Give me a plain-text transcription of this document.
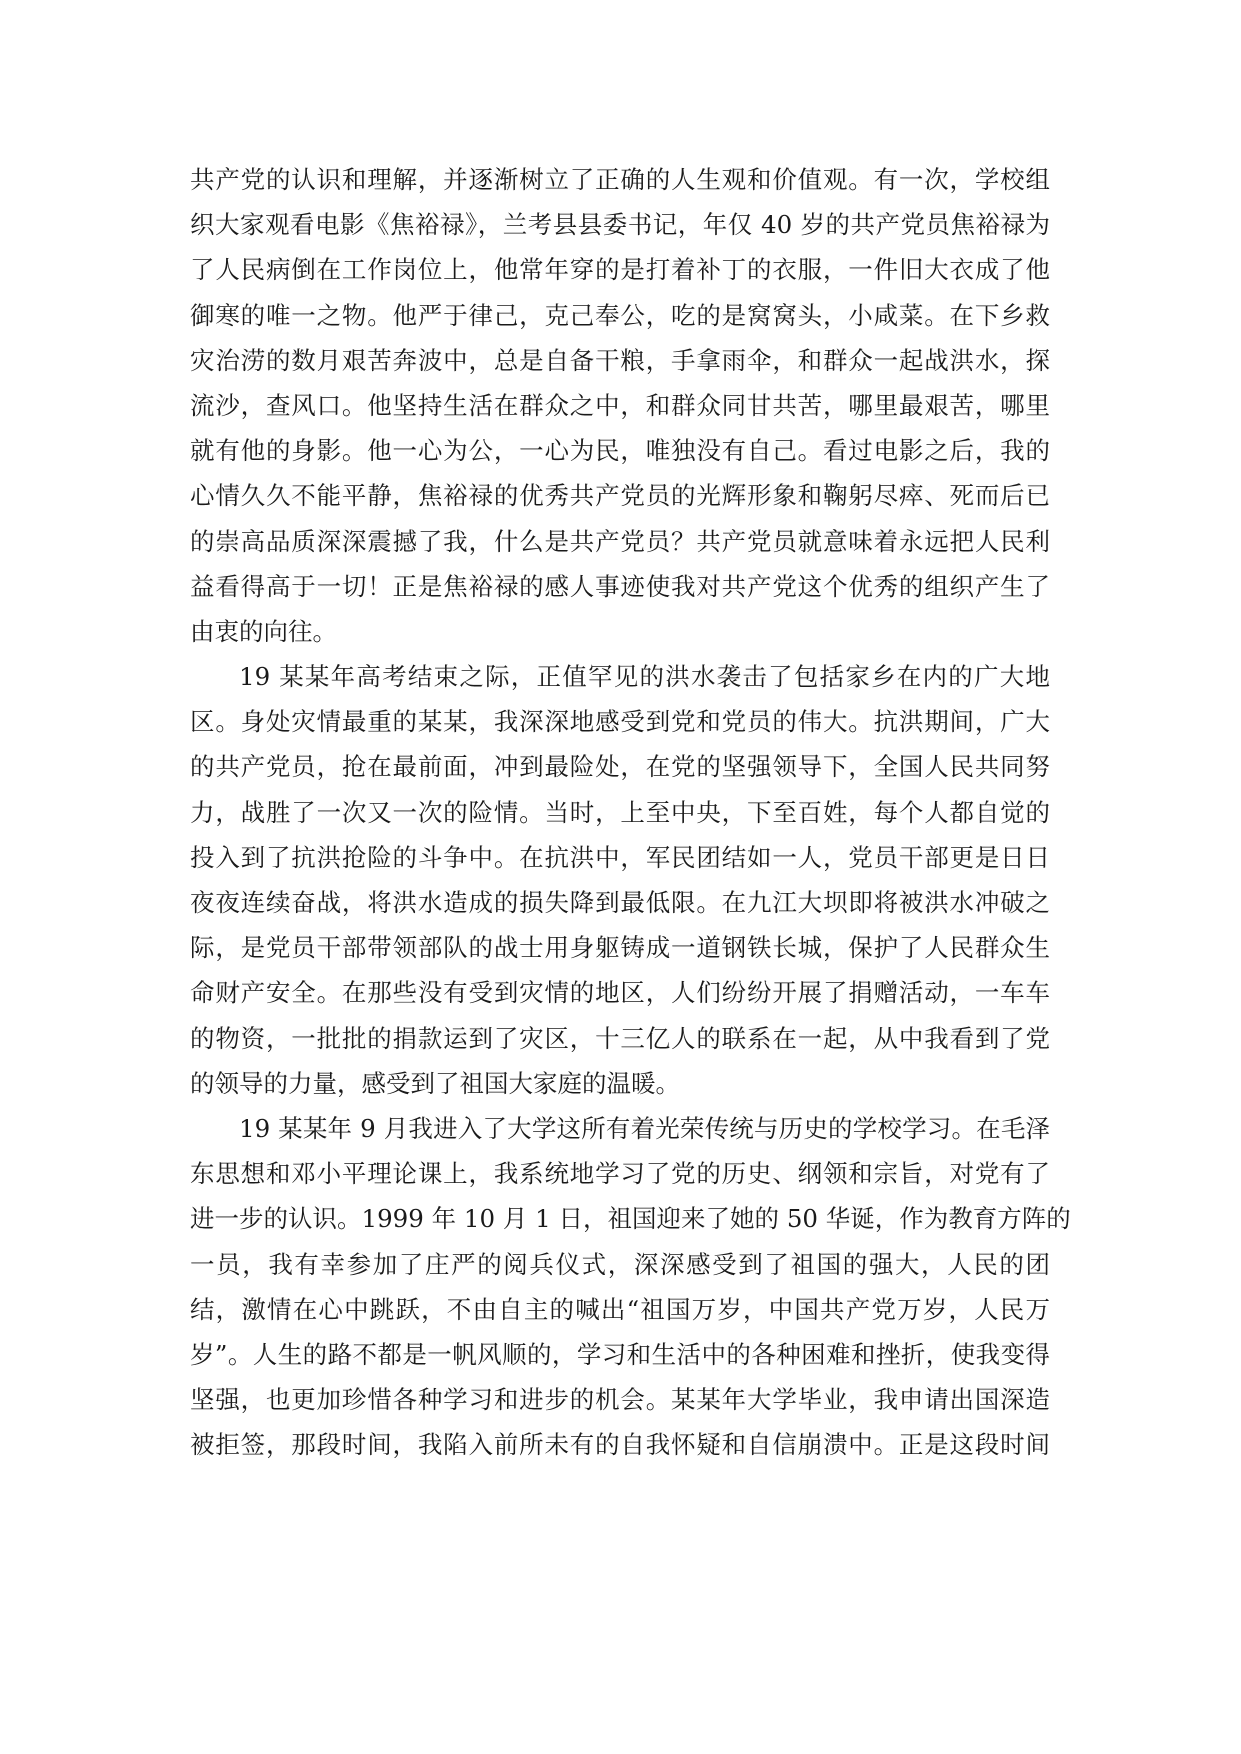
共产党的认识和理解，并逐渐树立了正确的人生观和价值观。有一次，学校组
织大家观看电影《焦裕禄》，兰考县县委书记，年仅 40 岁的共产党员焦裕禄为
了人民病倒在工作岗位上，他常年穿的是打着补丁的衣服，一件旧大衣成了他
御寒的唯一之物。他严于律己，克己奉公，吃的是窝窝头，小咸菜。在下乡救
灾治涝的数月艰苦奔波中，总是自备干粮，手拿雨伞，和群众一起战洪水，探
流沙，查风口。他坚持生活在群众之中，和群众同甘共苦，哪里最艰苦，哪里
就有他的身影。他一心为公，一心为民，唯独没有自己。看过电影之后，我的
心情久久不能平静，焦裕禄的优秀共产党员的光辉形象和鞠躬尽瘁、死而后已
的崇高品质深深震撼了我，什么是共产党员？共产党员就意味着永远把人民利
益看得高于一切！正是焦裕禄的感人事迹使我对共产党这个优秀的组织产生了
由衷的向往。
19 某某年高考结束之际，正值罕见的洪水袭击了包括家乡在内的广大地
区。身处灾情最重的某某，我深深地感受到党和党员的伟大。抗洪期间，广大
的共产党员，抢在最前面，冲到最险处，在党的坚强领导下，全国人民共同努
力，战胜了一次又一次的险情。当时，上至中央，下至百姓，每个人都自觉的
投入到了抗洪抢险的斗争中。在抗洪中，军民团结如一人，党员干部更是日日
夜夜连续奋战，将洪水造成的损失降到最低限。在九江大坝即将被洪水冲破之
际，是党员干部带领部队的战士用身躯铸成一道钢铁长城，保护了人民群众生
命财产安全。在那些没有受到灾情的地区，人们纷纷开展了捐赠活动，一车车
的物资，一批批的捐款运到了灾区，十三亿人的联系在一起，从中我看到了党
的领导的力量，感受到了祖国大家庭的温暖。
19 某某年 9 月我进入了大学这所有着光荣传统与历史的学校学习。在毛泽
东思想和邓小平理论课上，我系统地学习了党的历史、纲领和宗旨，对党有了
进一步的认识。1999 年 10 月 1 日，祖国迎来了她的 50 华诞，作为教育方阵的
一员，我有幸参加了庄严的阅兵仪式，深深感受到了祖国的强大，人民的团
结，激情在心中跳跃，不由自主的喊出“祖国万岁，中国共产党万岁，人民万
岁”。人生的路不都是一帆风顺的，学习和生活中的各种困难和挫折，使我变得
坚强，也更加珍惜各种学习和进步的机会。某某年大学毕业，我申请出国深造
被拒签，那段时间，我陷入前所未有的自我怀疑和自信崩溃中。正是这段时间
